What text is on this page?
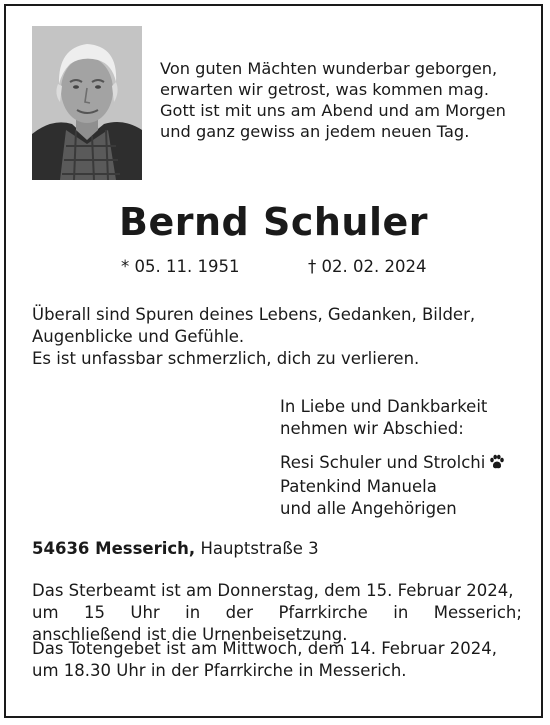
Von guten Mächten wunderbar geborgen,
erwarten wir getrost, was kommen mag.
Gott ist mit uns am Abend und am Morgen
und ganz gewiss an jedem neuen Tag.
Bernd Schuler
* 05. 11. 1951	† 02. 02. 2024
Überall sind Spuren deines Lebens, Gedanken, Bilder,
Augenblicke und Gefühle.
Es ist unfassbar schmerzlich, dich zu verlieren.
In Liebe und Dankbarkeit
nehmen wir Abschied:
Resi Schuler und Strolchi
Patenkind Manuela
und alle Angehörigen
54636 Messerich, Hauptstraße 3
Das Sterbeamt ist am Donnerstag, dem 15. Februar 2024,
um 15 Uhr in der Pfarrkirche in Messerich;
anschließend ist die Urnenbeisetzung.
Das Totengebet ist am Mittwoch, dem 14. Februar 2024,
um 18.30 Uhr in der Pfarrkirche in Messerich.
